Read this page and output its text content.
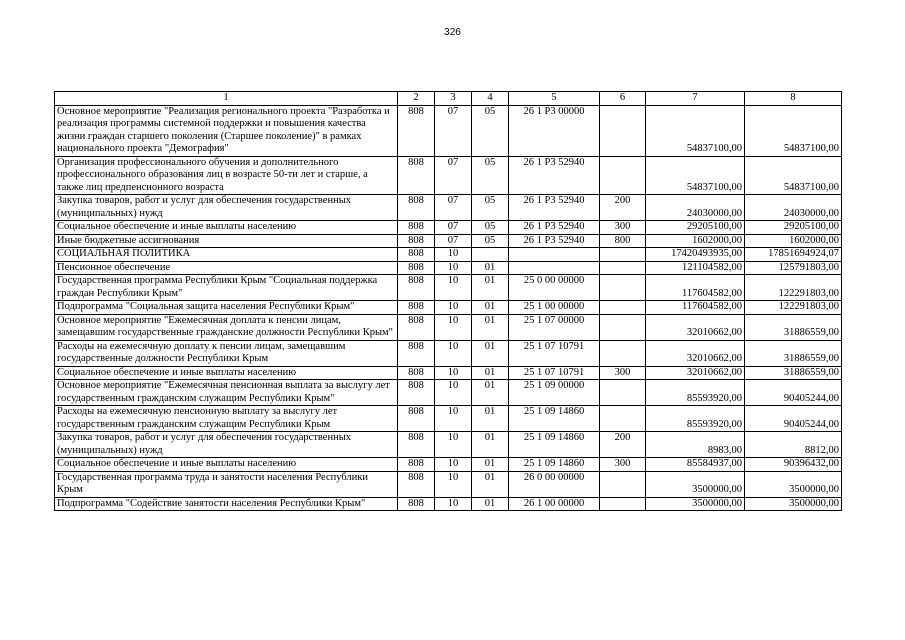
326
1	2	3	4	5	6	7	8
Основное мероприятие "Реализация регионального проекта "Разработка и реализация программы системной поддержки и повышения качества жизни граждан старшего поколения (Старшее поколение)" в рамках национального проекта "Демография"	808	07	05	26 1 P3 00000		54837100,00	54837100,00
Организация профессионального обучения и дополнительного профессионального образования лиц в возрасте 50-ти лет и старше, а также лиц предпенсионного возраста	808	07	05	26 1 P3 52940		54837100,00	54837100,00
Закупка товаров, работ и услуг для обеспечения государственных (муниципальных) нужд	808	07	05	26 1 P3 52940	200	24030000,00	24030000,00
Социальное обеспечение и иные выплаты населению	808	07	05	26 1 P3 52940	300	29205100,00	29205100,00
Иные бюджетные ассигнования	808	07	05	26 1 P3 52940	800	1602000,00	1602000,00
СОЦИАЛЬНАЯ ПОЛИТИКА	808	10				17420493935,00	17851694924,07
Пенсионное обеспечение	808	10	01			121104582,00	125791803,00
Государственная программа Республики Крым "Социальная поддержка граждан Республики Крым"	808	10	01	25 0 00 00000		117604582,00	122291803,00
Подпрограмма "Социальная защита населения Республики Крым"	808	10	01	25 1 00 00000		117604582,00	122291803,00
Основное мероприятие "Ежемесячная доплата к пенсии лицам, замещавшим государственные гражданские должности Республики Крым"	808	10	01	25 1 07 00000		32010662,00	31886559,00
Расходы на ежемесячную доплату к пенсии лицам, замещавшим государственные должности Республики Крым	808	10	01	25 1 07 10791		32010662,00	31886559,00
Социальное обеспечение и иные выплаты населению	808	10	01	25 1 07 10791	300	32010662,00	31886559,00
Основное мероприятие "Ежемесячная пенсионная выплата за выслугу лет государственным гражданским служащим Республики Крым"	808	10	01	25 1 09 00000		85593920,00	90405244,00
Расходы на ежемесячную пенсионную выплату за выслугу лет государственным гражданским служащим Республики Крым	808	10	01	25 1 09 14860		85593920,00	90405244,00
Закупка товаров, работ и услуг для обеспечения государственных (муниципальных) нужд	808	10	01	25 1 09 14860	200	8983,00	8812,00
Социальное обеспечение и иные выплаты населению	808	10	01	25 1 09 14860	300	85584937,00	90396432,00
Государственная программа труда и занятости населения Республики Крым	808	10	01	26 0 00 00000		3500000,00	3500000,00
Подпрограмма "Содействие занятости населения Республики Крым"	808	10	01	26 1 00 00000		3500000,00	3500000,00
